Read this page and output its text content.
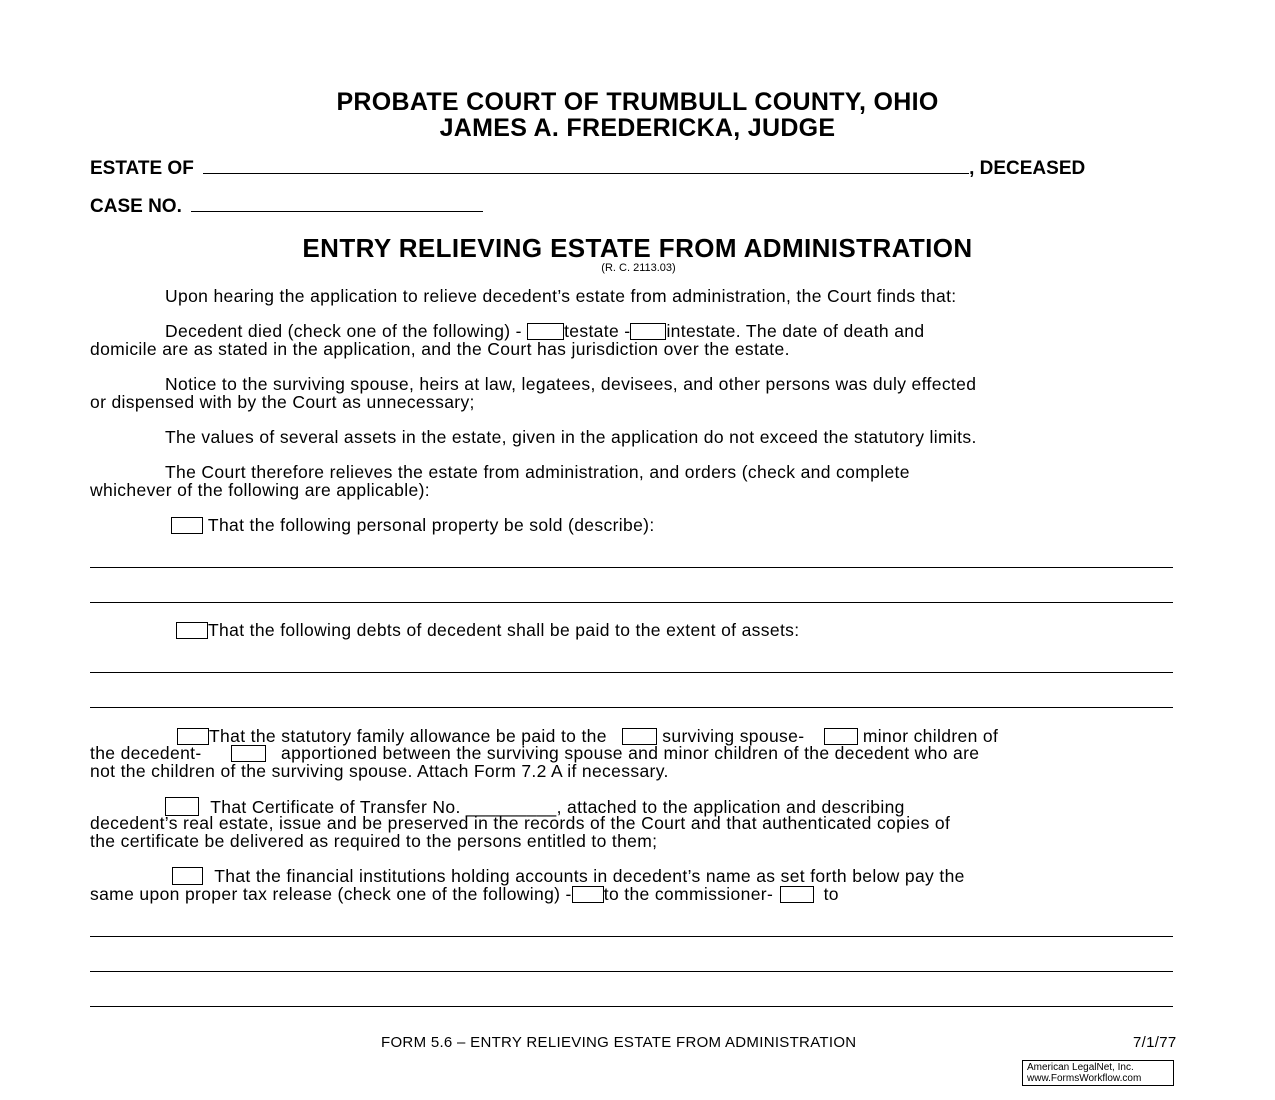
PROBATE COURT OF TRUMBULL COUNTY, OHIO
JAMES A. FREDERICKA, JUDGE
ESTATE OF	, DECEASED
CASE NO.
ENTRY RELIEVING ESTATE FROM ADMINISTRATION
(R. C. 2113.03)
Upon hearing the application to relieve decedent’s estate from administration, the Court finds that:
Decedent died (check one of the following) - testate - intestate. The date of death and
domicile are as stated in the application, and the Court has jurisdiction over the estate.
Notice to the surviving spouse, heirs at law, legatees, devisees, and other persons was duly effected
or dispensed with by the Court as unnecessary;
The values of several assets in the estate, given in the application do not exceed the statutory limits.
The Court therefore relieves the estate from administration, and orders (check and complete
whichever of the following are applicable):
That the following personal property be sold (describe):
That the following debts of decedent shall be paid to the extent of assets:
That the statutory family allowance be paid to the	surviving spouse-	minor children of
the decedent-	apportioned between the surviving spouse and minor children of the decedent who are
not the children of the surviving spouse. Attach Form 7.2 A if necessary.
That Certificate of Transfer No. _________, attached to the application and describing
decedent’s real estate, issue and be preserved in the records of the Court and that authenticated copies of
the certificate be delivered as required to the persons entitled to them;
That the financial institutions holding accounts in decedent’s name as set forth below pay the
same upon proper tax release (check one of the following) - to the commissioner-	to
FORM 5.6 – ENTRY RELIEVING ESTATE FROM ADMINISTRATION	7/1/77
American LegalNet, Inc.
www.FormsWorkflow.com
